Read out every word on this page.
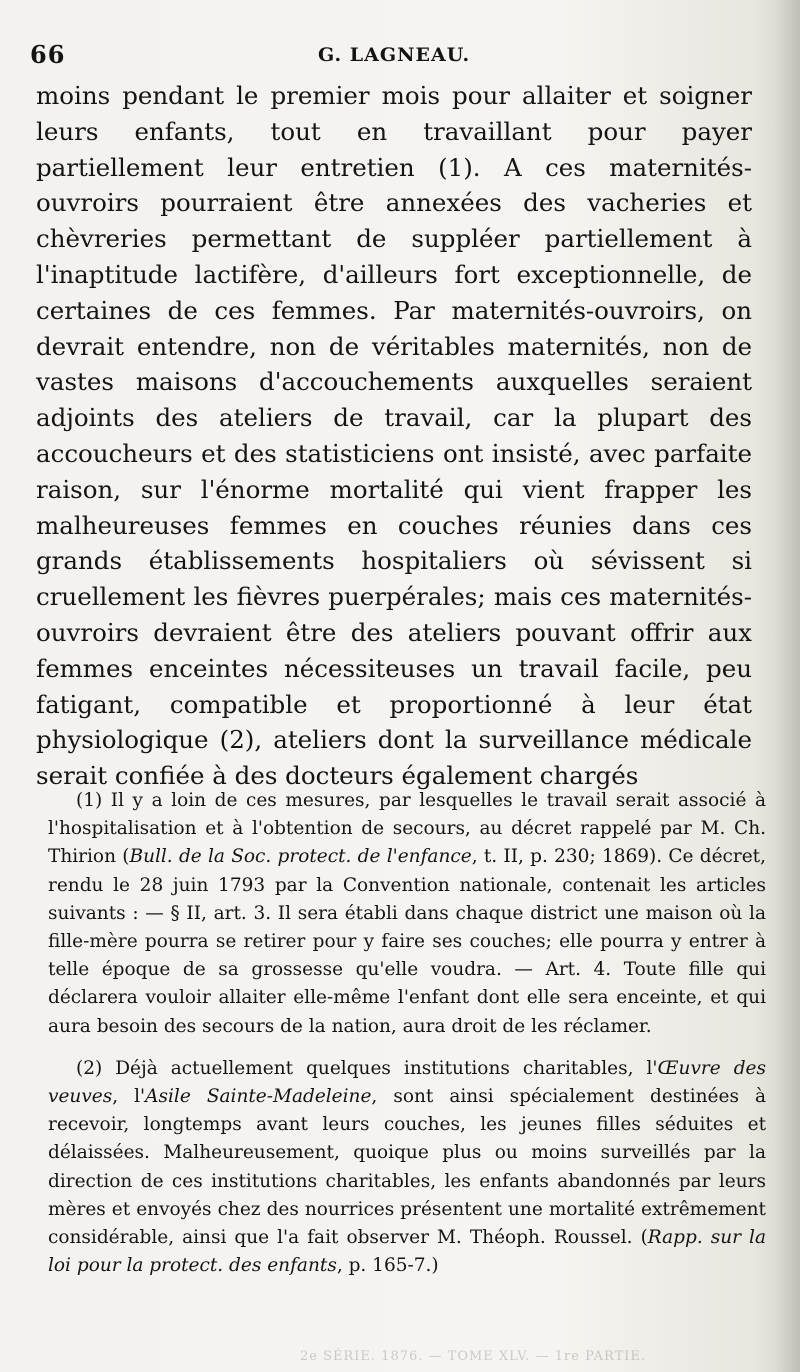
66	G. LAGNEAU.

moins pendant le premier mois pour allaiter et soigner leurs enfants, tout en travaillant pour payer partiellement leur entretien (1). A ces maternités-ouvroirs pourraient être annexées des vacheries et chèvreries permettant de suppléer partiellement à l'inaptitude lactifère, d'ailleurs fort exceptionnelle, de certaines de ces femmes. Par maternités-ouvroirs, on devrait entendre, non de véritables maternités, non de vastes maisons d'accouchements auxquelles seraient adjoints des ateliers de travail, car la plupart des accoucheurs et des statisticiens ont insisté, avec parfaite raison, sur l'énorme mortalité qui vient frapper les malheureuses femmes en couches réunies dans ces grands établissements hospitaliers où sévissent si cruellement les fièvres puerpérales; mais ces maternités-ouvroirs devraient être des ateliers pouvant offrir aux femmes enceintes nécessiteuses un travail facile, peu fatigant, compatible et proportionné à leur état physiologique (2), ateliers dont la surveillance médicale serait confiée à des docteurs également chargés

(1) Il y a loin de ces mesures, par lesquelles le travail serait associé à l'hospitalisation et à l'obtention de secours, au décret rappelé par M. Ch. Thirion (Bull. de la Soc. protect. de l'enfance, t. II, p. 230; 1869). Ce décret, rendu le 28 juin 1793 par la Convention nationale, contenait les articles suivants : — § II, art. 3. Il sera établi dans chaque district une maison où la fille-mère pourra se retirer pour y faire ses couches; elle pourra y entrer à telle époque de sa grossesse qu'elle voudra. — Art. 4. Toute fille qui déclarera vouloir allaiter elle-même l'enfant dont elle sera enceinte, et qui aura besoin des secours de la nation, aura droit de les réclamer.

(2) Déjà actuellement quelques institutions charitables, l'Œuvre des veuves, l'Asile Sainte-Madeleine, sont ainsi spécialement destinées à recevoir, longtemps avant leurs couches, les jeunes filles séduites et délaissées. Malheureusement, quoique plus ou moins surveillés par la direction de ces institutions charitables, les enfants abandonnés par leurs mères et envoyés chez des nourrices présentent une mortalité extrêmement considérable, ainsi que l'a fait observer M. Théoph. Roussel. (Rapp. sur la loi pour la protect. des enfants, p. 165-7.)

2e SÉRIE. 1876. — TOME XLV. — 1re PARTIE.
